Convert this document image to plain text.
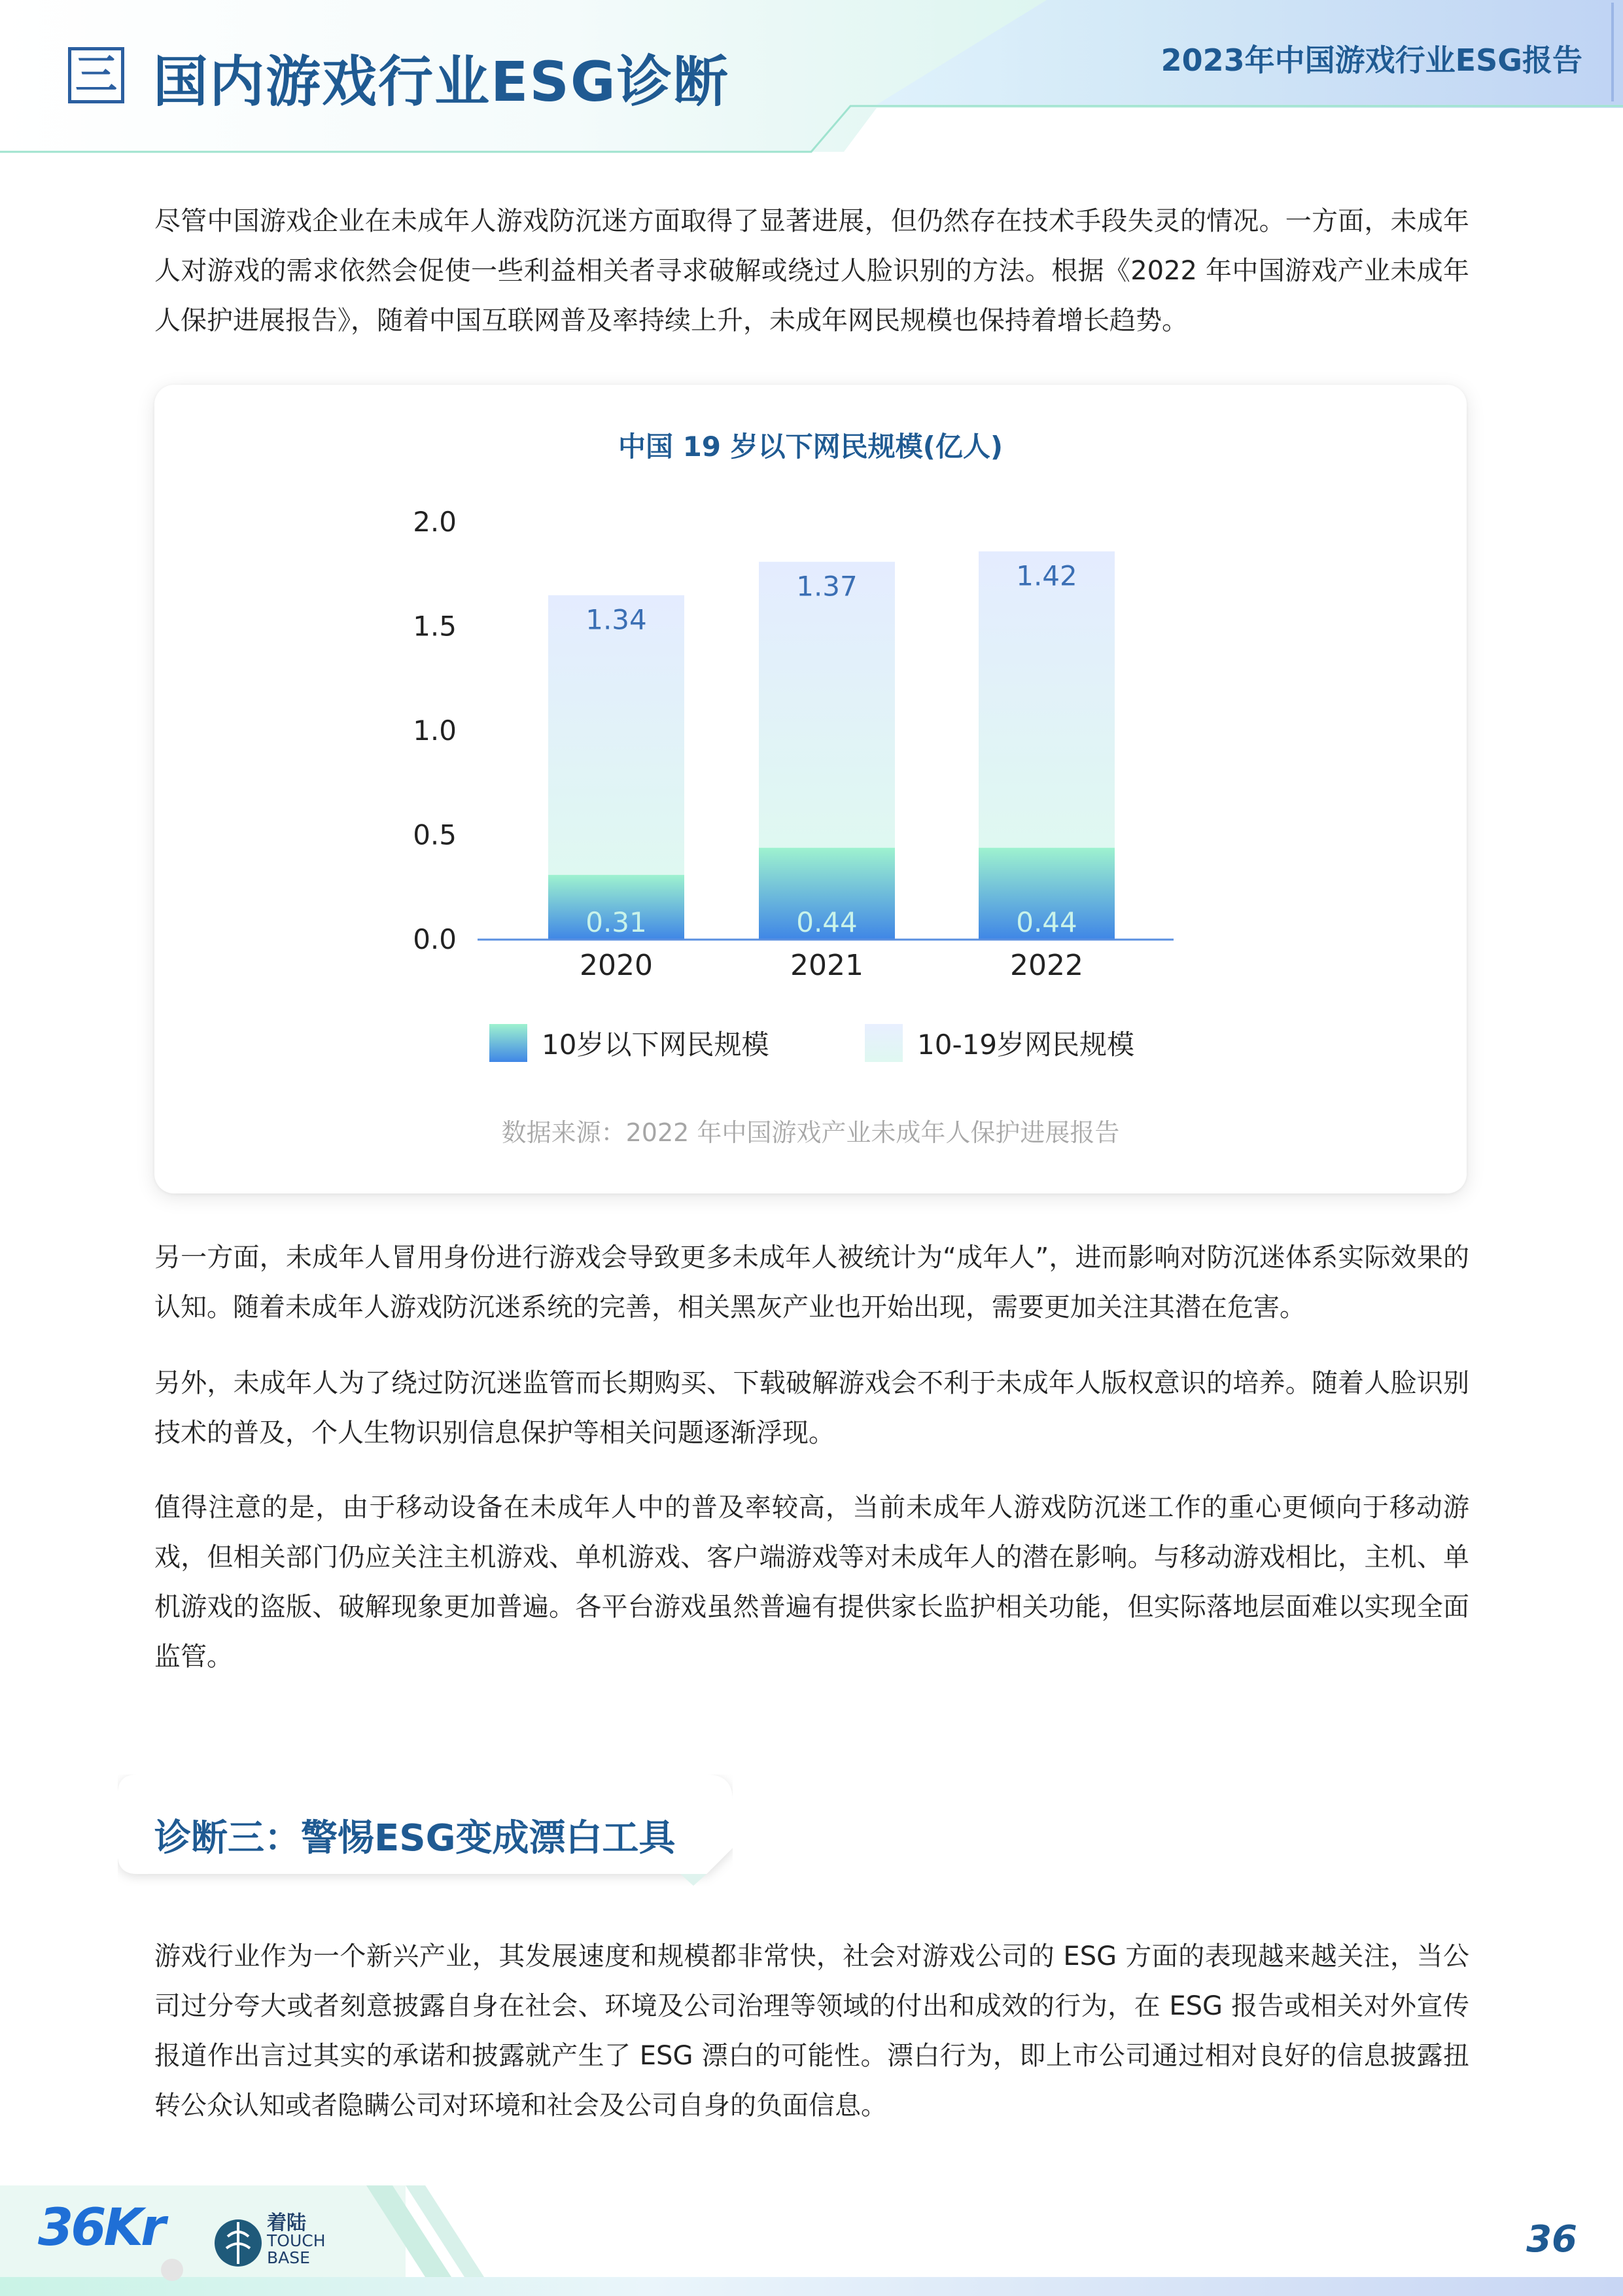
三 国内游戏行业ESG诊断	2023年中国游戏行业ESG报告

尽管中国游戏企业在未成年人游戏防沉迷方面取得了显著进展，但仍然存在技术手段失灵的情况。一方面，未成年人对游戏的需求依然会促使一些利益相关者寻求破解或绕过人脸识别的方法。根据《2022 年中国游戏产业未成年人保护进展报告》，随着中国互联网普及率持续上升，未成年网民规模也保持着增长趋势。

中国 19 岁以下网民规模(亿人)
0.0
0.5
1.0
1.5
2.0
1.34
0.31
1.37
0.44
1.42
0.44
2020	2021	2022
10岁以下网民规模	10-19岁网民规模
数据来源：2022 年中国游戏产业未成年人保护进展报告

另一方面，未成年人冒用身份进行游戏会导致更多未成年人被统计为“成年人”，进而影响对防沉迷体系实际效果的认知。随着未成年人游戏防沉迷系统的完善，相关黑灰产业也开始出现，需要更加关注其潜在危害。

另外，未成年人为了绕过防沉迷监管而长期购买、下载破解游戏会不利于未成年人版权意识的培养。随着人脸识别技术的普及，个人生物识别信息保护等相关问题逐渐浮现。

值得注意的是，由于移动设备在未成年人中的普及率较高，当前未成年人游戏防沉迷工作的重心更倾向于移动游戏，但相关部门仍应关注主机游戏、单机游戏、客户端游戏等对未成年人的潜在影响。与移动游戏相比，主机、单机游戏的盗版、破解现象更加普遍。各平台游戏虽然普遍有提供家长监护相关功能，但实际落地层面难以实现全面监管。

诊断三：警惕ESG变成漂白工具

游戏行业作为一个新兴产业，其发展速度和规模都非常快，社会对游戏公司的 ESG 方面的表现越来越关注，当公司过分夸大或者刻意披露自身在社会、环境及公司治理等领域的付出和成效的行为，在 ESG 报告或相关对外宣传报道作出言过其实的承诺和披露就产生了 ESG 漂白的可能性。漂白行为，即上市公司通过相对良好的信息披露扭转公众认知或者隐瞒公司对环境和社会及公司自身的负面信息。

36Kr	着陆
TOUCH
BASE	36
